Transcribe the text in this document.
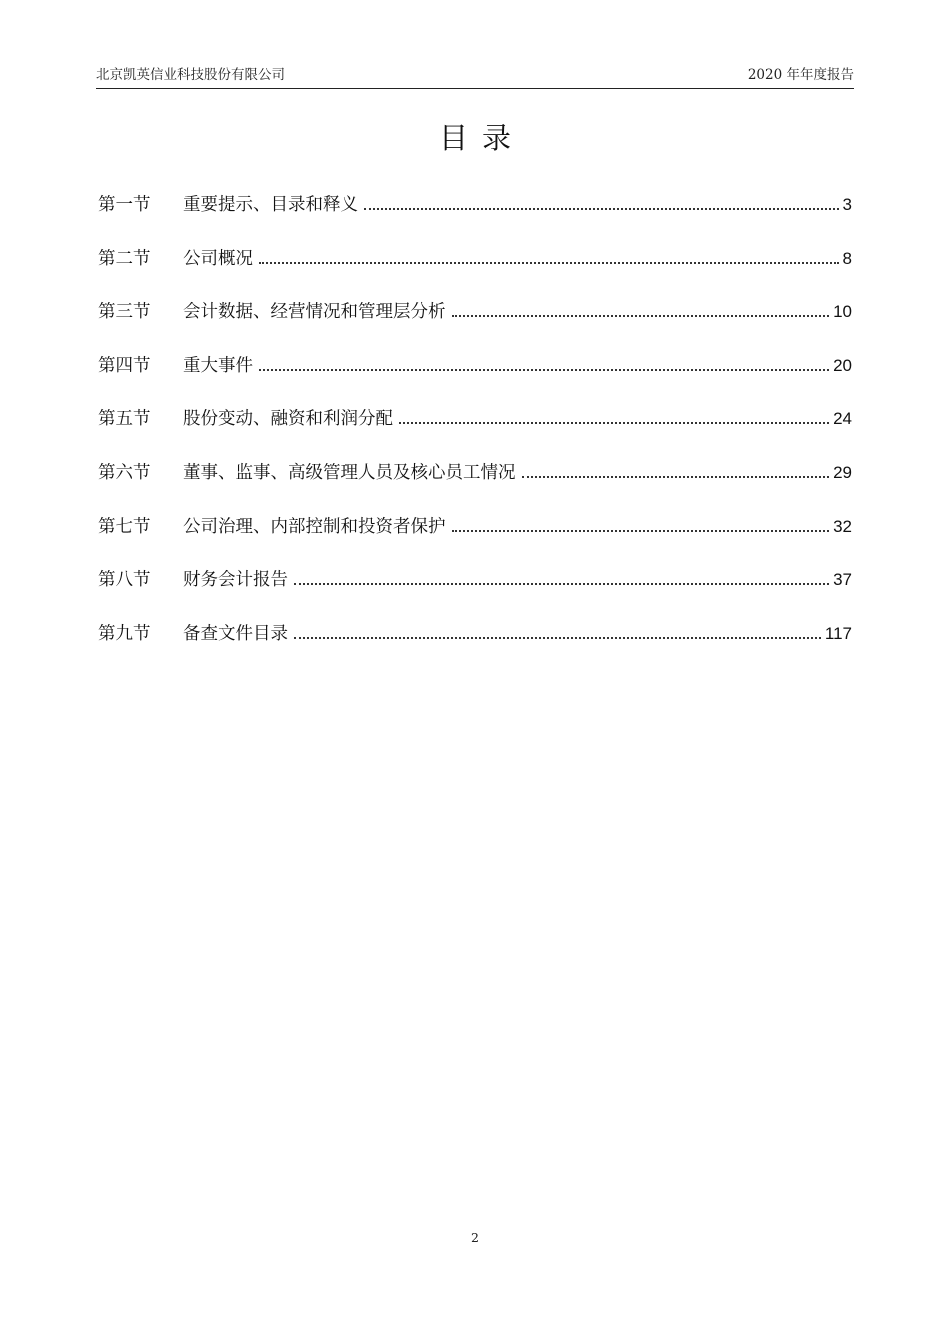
北京凯英信业科技股份有限公司	2020 年年度报告
目录
第一节	重要提示、目录和释义	3
第二节	公司概况	8
第三节	会计数据、经营情况和管理层分析	10
第四节	重大事件	20
第五节	股份变动、融资和利润分配	24
第六节	董事、监事、高级管理人员及核心员工情况	29
第七节	公司治理、内部控制和投资者保护	32
第八节	财务会计报告	37
第九节	备查文件目录	117
2
